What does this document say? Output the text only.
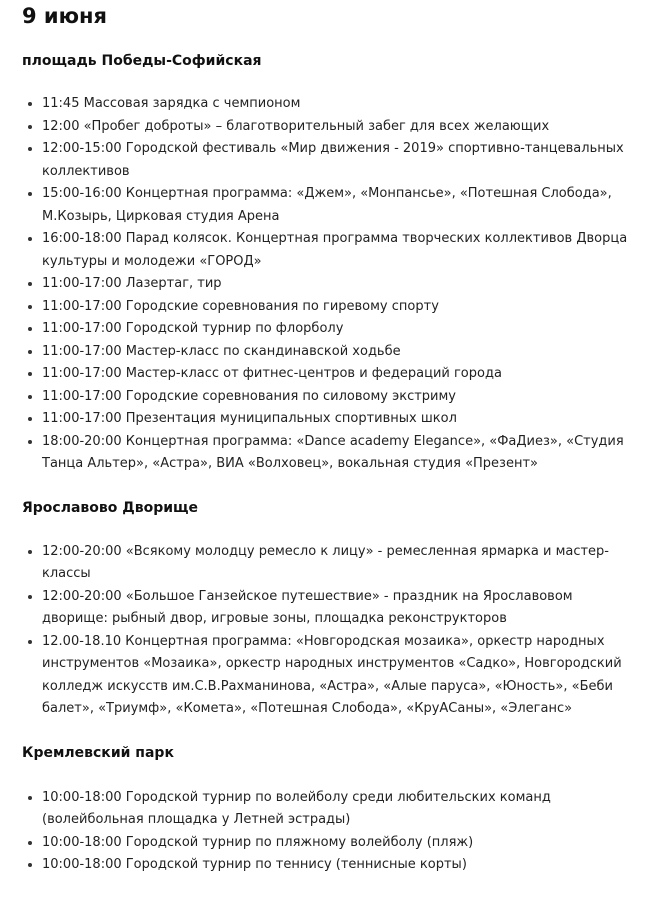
9 июня
площадь Победы-Софийская
11:45 Массовая зарядка с чемпионом
12:00 «Пробег доброты» – благотворительный забег для всех желающих
12:00-15:00 Городской фестиваль «Мир движения - 2019» спортивно-танцевальных коллективов
15:00-16:00 Концертная программа: «Джем», «Монпансье», «Потешная Слобода», М.Козырь, Цирковая студия Арена
16:00-18:00 Парад колясок. Концертная программа творческих коллективов Дворца культуры и молодежи «ГОРОД»
11:00-17:00 Лазертаг, тир
11:00-17:00 Городские соревнования по гиревому спорту
11:00-17:00 Городской турнир по флорболу
11:00-17:00 Мастер-класс по скандинавской ходьбе
11:00-17:00 Мастер-класс от фитнес-центров и федераций города
11:00-17:00 Городские соревнования по силовому экстриму
11:00-17:00 Презентация муниципальных спортивных школ
18:00-20:00 Концертная программа: «Dance academy Elegance», «ФаДиез», «Студия Танца Альтер», «Астра», ВИА «Волховец», вокальная студия «Презент»
Ярославово Дворище
12:00-20:00 «Всякому молодцу ремесло к лицу» - ремесленная ярмарка и мастер-классы
12:00-20:00 «Большое Ганзейское путешествие» - праздник на Ярославовом дворище: рыбный двор, игровые зоны, площадка реконструкторов
12.00-18.10 Концертная программа: «Новгородская мозаика», оркестр народных инструментов «Мозаика», оркестр народных инструментов «Садко», Новгородский колледж искусств им.С.В.Рахманинова, «Астра», «Алые паруса», «Юность», «Беби балет», «Триумф», «Комета», «Потешная Слобода», «КруАСаны», «Элеганс»
Кремлевский парк
10:00-18:00 Городской турнир по волейболу среди любительских команд (волейбольная площадка у Летней эстрады)
10:00-18:00 Городской турнир по пляжному волейболу (пляж)
10:00-18:00 Городской турнир по теннису (теннисные корты)
